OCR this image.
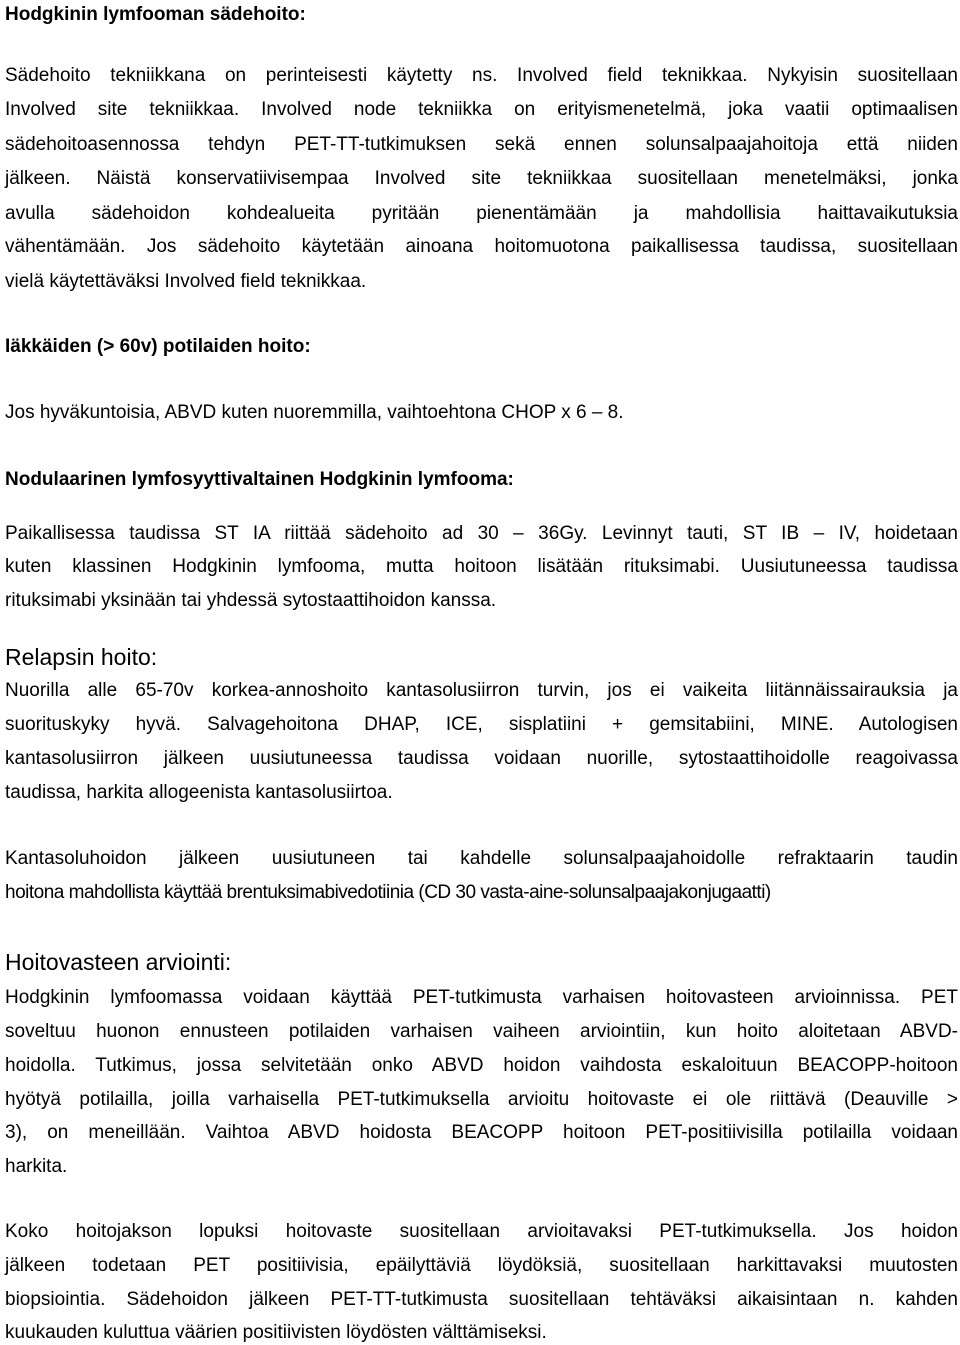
Hodgkinin lymfooman sädehoito:
Sädehoito tekniikkana on perinteisesti käytetty ns. Involved field teknikkaa. Nykyisin suositellaan
Involved site tekniikkaa. Involved node tekniikka on erityismenetelmä, joka vaatii optimaalisen
sädehoitoasennossa tehdyn PET-TT-tutkimuksen sekä ennen solunsalpaajahoitoja että niiden
jälkeen. Näistä konservatiivisempaa Involved site tekniikkaa suositellaan menetelmäksi, jonka
avulla sädehoidon kohdealueita pyritään pienentämään ja mahdollisia haittavaikutuksia
vähentämään. Jos sädehoito käytetään ainoana hoitomuotona paikallisessa taudissa, suositellaan
vielä käytettäväksi Involved field teknikkaa.
Iäkkäiden (> 60v) potilaiden hoito:
Jos hyväkuntoisia, ABVD kuten nuoremmilla, vaihtoehtona CHOP x 6 – 8.
Nodulaarinen lymfosyyttivaltainen Hodgkinin lymfooma:
Paikallisessa taudissa ST IA riittää sädehoito ad 30 – 36Gy. Levinnyt tauti, ST IB – IV, hoidetaan
kuten klassinen Hodgkinin lymfooma, mutta hoitoon lisätään rituksimabi. Uusiutuneessa taudissa
rituksimabi yksinään tai yhdessä sytostaattihoidon kanssa.
Relapsin hoito:
Nuorilla alle 65-70v korkea-annoshoito kantasolusiirron turvin, jos ei vaikeita liitännäissairauksia ja
suorituskyky hyvä. Salvagehoitona DHAP, ICE, sisplatiini + gemsitabiini, MINE. Autologisen
kantasolusiirron jälkeen uusiutuneessa taudissa voidaan nuorille, sytostaattihoidolle reagoivassa
taudissa, harkita allogeenista kantasolusiirtoa.
Kantasoluhoidon jälkeen uusiutuneen tai kahdelle solunsalpaajahoidolle refraktaarin taudin
hoitona mahdollista käyttää brentuksimabivedotiinia (CD 30 vasta-aine-solunsalpaajakonjugaatti)
Hoitovasteen arviointi:
Hodgkinin lymfoomassa voidaan käyttää PET-tutkimusta varhaisen hoitovasteen arvioinnissa. PET
soveltuu huonon ennusteen potilaiden varhaisen vaiheen arviointiin, kun hoito aloitetaan ABVD-
hoidolla. Tutkimus, jossa selvitetään onko ABVD hoidon vaihdosta eskaloituun BEACOPP-hoitoon
hyötyä potilailla, joilla varhaisella PET-tutkimuksella arvioitu hoitovaste ei ole riittävä (Deauville >
3), on meneillään. Vaihtoa ABVD hoidosta BEACOPP hoitoon PET-positiivisilla potilailla voidaan
harkita.
Koko hoitojakson lopuksi hoitovaste suositellaan arvioitavaksi PET-tutkimuksella. Jos hoidon
jälkeen todetaan PET positiivisia, epäilyttäviä löydöksiä, suositellaan harkittavaksi muutosten
biopsiointia. Sädehoidon jälkeen PET-TT-tutkimusta suositellaan tehtäväksi aikaisintaan n. kahden
kuukauden kuluttua väärien positiivisten löydösten välttämiseksi.
